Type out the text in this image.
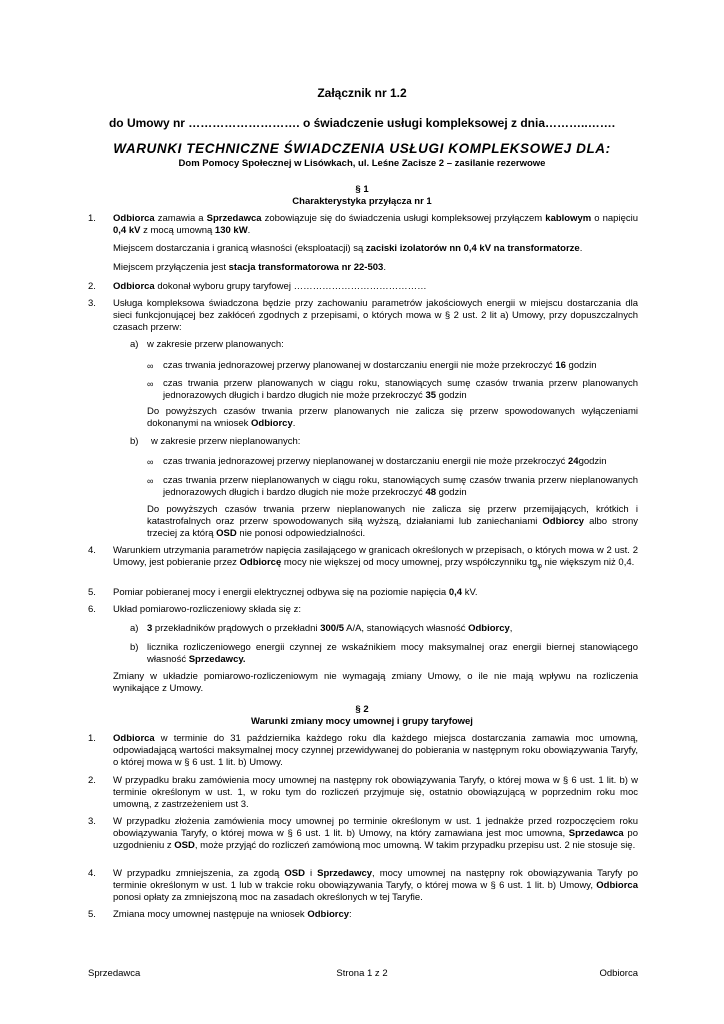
Załącznik nr 1.2
do Umowy nr ………………………. o świadczenie usługi kompleksowej z dnia………..…….
WARUNKI TECHNICZNE ŚWIADCZENIA USŁUGI KOMPLEKSOWEJ DLA:
Dom Pomocy Społecznej w Lisówkach, ul. Leśne Zacisze 2 – zasilanie rezerwowe
§ 1
Charakterystyka przyłącza nr 1
1. Odbiorca zamawia a Sprzedawca zobowiązuje się do świadczenia usługi kompleksowej przyłączem kablowym o napięciu 0,4 kV z mocą umowną 130 kW.
Miejscem dostarczania i granicą własności (eksploatacji) są zaciski izolatorów nn 0,4 kV na transformatorze.
Miejscem przyłączenia jest stacja transformatorowa nr 22-503.
2. Odbiorca dokonał wyboru grupy taryfowej ……………………………………
3. Usługa kompleksowa świadczona będzie przy zachowaniu parametrów jakościowych energii w miejscu dostarczania dla sieci funkcjonującej bez zakłóceń zgodnych z przepisami, o których mowa w § 2 ust. 2 lit a) Umowy, przy dopuszczalnych czasach przerw:
a) w zakresie przerw planowanych:
∞ czas trwania jednorazowej przerwy planowanej w dostarczaniu energii nie może przekroczyć 16 godzin
∞ czas trwania przerw planowanych w ciągu roku, stanowiących sumę czasów trwania przerw planowanych jednorazowych długich i bardzo długich nie może przekroczyć 35 godzin
Do powyższych czasów trwania przerw planowanych nie zalicza się przerw spowodowanych wyłączeniami dokonanymi na wniosek Odbiorcy.
b) w zakresie przerw nieplanowanych:
∞ czas trwania jednorazowej przerwy nieplanowanej w dostarczaniu energii nie może przekroczyć 24godzin
∞ czas trwania przerw nieplanowanych w ciągu roku, stanowiących sumę czasów trwania przerw nieplanowanych jednorazowych długich i bardzo długich nie może przekroczyć 48 godzin
Do powyższych czasów trwania przerw nieplanowanych nie zalicza się przerw przemijających, krótkich i katastrofalnych oraz przerw spowodowanych siłą wyższą, działaniami lub zaniechaniami Odbiorcy albo strony trzeciej za którą OSD nie ponosi odpowiedzialności.
4. Warunkiem utrzymania parametrów napięcia zasilającego w granicach określonych w przepisach, o których mowa w 2 ust. 2 Umowy, jest pobieranie przez Odbiorcę mocy nie większej od mocy umownej, przy współczynniku $tg_\varphi$ nie większym niż 0,4.
5. Pomiar pobieranej mocy i energii elektrycznej odbywa się na poziomie napięcia 0,4 kV.
6. Układ pomiarowo-rozliczeniowy składa się z:
a) 3 przekładników prądowych o przekładni 300/5 A/A, stanowiących własność Odbiorcy,
b) licznika rozliczeniowego energii czynnej ze wskaźnikiem mocy maksymalnej oraz energii biernej stanowiącego własność Sprzedawcy.
Zmiany w układzie pomiarowo-rozliczeniowym nie wymagają zmiany Umowy, o ile nie mają wpływu na rozliczenia wynikające z Umowy.
§ 2
Warunki zmiany mocy umownej i grupy taryfowej
1. Odbiorca w terminie do 31 października każdego roku dla każdego miejsca dostarczania zamawia moc umowną, odpowiadającą wartości maksymalnej mocy czynnej przewidywanej do pobierania w następnym roku obowiązywania Taryfy, o której mowa w § 6 ust. 1 lit. b) Umowy.
2. W przypadku braku zamówienia mocy umownej na następny rok obowiązywania Taryfy, o której mowa w § 6 ust. 1 lit. b) w terminie określonym w ust. 1, w roku tym do rozliczeń przyjmuje się, ostatnio obowiązującą w poprzednim roku moc umowną, z zastrzeżeniem ust 3.
3. W przypadku złożenia zamówienia mocy umownej po terminie określonym w ust. 1 jednakże przed rozpoczęciem roku obowiązywania Taryfy, o której mowa w § 6 ust. 1 lit. b) Umowy, na który zamawiana jest moc umowna, Sprzedawca po uzgodnieniu z OSD, może przyjąć do rozliczeń zamówioną moc umowną. W takim przypadku przepisu ust. 2 nie stosuje się.
4. W przypadku zmniejszenia, za zgodą OSD i Sprzedawcy, mocy umownej na następny rok obowiązywania Taryfy po terminie określonym w ust. 1 lub w trakcie roku obowiązywania Taryfy, o której mowa w § 6 ust. 1 lit. b) Umowy, Odbiorca ponosi opłaty za zmniejszoną moc na zasadach określonych w tej Taryfie.
5. Zmiana mocy umownej następuje na wniosek Odbiorcy:
Sprzedawca	Strona 1 z 2	Odbiorca
